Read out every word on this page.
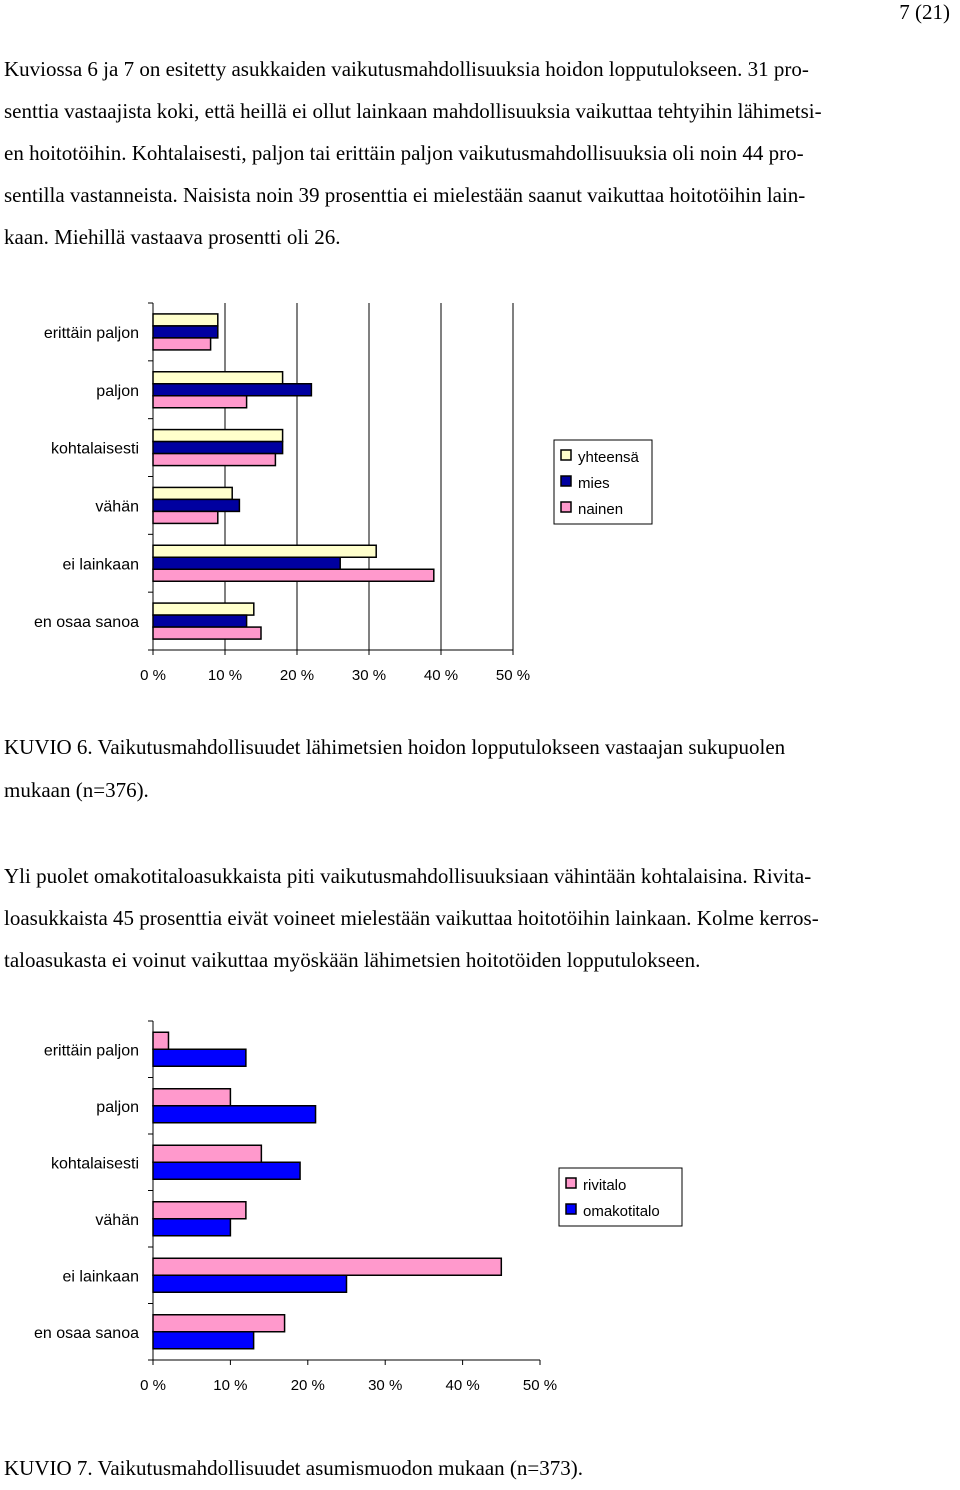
7 (21)
Kuviossa 6 ja 7 on esitetty asukkaiden vaikutusmahdollisuuksia hoidon lopputulokseen. 31 pro-
senttia vastaajista koki, että heillä ei ollut lainkaan mahdollisuuksia vaikuttaa tehtyihin lähimetsi-
en hoitotöihin. Kohtalaisesti, paljon tai erittäin paljon vaikutusmahdollisuuksia oli noin 44 pro-
sentilla vastanneista. Naisista noin 39 prosenttia ei mielestään saanut vaikuttaa hoitotöihin lain-
kaan. Miehillä vastaava prosentti oli 26.
erittäin paljon
paljon
kohtalaisesti
vähän
ei lainkaan
en osaa sanoa
0 %	10 %	20 %	30 %	40 %	50 %
yhteensä
mies
nainen
KUVIO 6. Vaikutusmahdollisuudet lähimetsien hoidon lopputulokseen vastaajan sukupuolen
mukaan (n=376).
Yli puolet omakotitaloasukkaista piti vaikutusmahdollisuuksiaan vähintään kohtalaisina. Rivita-
loasukkaista 45 prosenttia eivät voineet mielestään vaikuttaa hoitotöihin lainkaan. Kolme kerros-
taloasukasta ei voinut vaikuttaa myöskään lähimetsien hoitotöiden lopputulokseen.
erittäin paljon
paljon
kohtalaisesti
vähän
ei lainkaan
en osaa sanoa
0 %	10 %	20 %	30 %	40 %	50 %
rivitalo
omakotitalo
KUVIO 7. Vaikutusmahdollisuudet asumismuodon mukaan (n=373).
